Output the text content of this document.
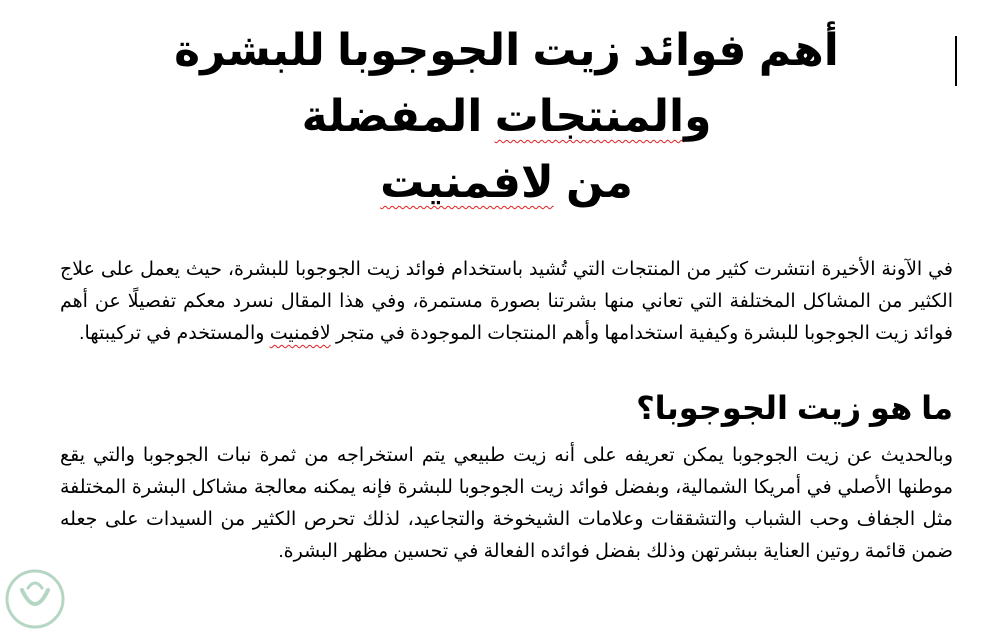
أهم فوائد زيت الجوجوبا للبشرة والمنتجات المفضلة
من لافمنيت

في الآونة الأخيرة انتشرت كثير من المنتجات التي تُشيد باستخدام فوائد زيت الجوجوبا للبشرة، حيث يعمل على علاج الكثير من المشاكل المختلفة التي تعاني منها بشرتنا بصورة مستمرة، وفي هذا المقال نسرد معكم تفصيلًا عن أهم فوائد زيت الجوجوبا للبشرة وكيفية استخدامها وأهم المنتجات الموجودة في متجر لافمنيت والمستخدم في تركيبتها.

ما هو زيت الجوجوبا؟

وبالحديث عن زيت الجوجوبا يمكن تعريفه على أنه زيت طبيعي يتم استخراجه من ثمرة نبات الجوجوبا والتي يقع موطنها الأصلي في أمريكا الشمالية، وبفضل فوائد زيت الجوجوبا للبشرة فإنه يمكنه معالجة مشاكل البشرة المختلفة مثل الجفاف وحب الشباب والتشققات وعلامات الشيخوخة والتجاعيد، لذلك تحرص الكثير من السيدات على جعله ضمن قائمة روتين العناية ببشرتهن وذلك بفضل فوائده الفعالة في تحسين مظهر البشرة.
